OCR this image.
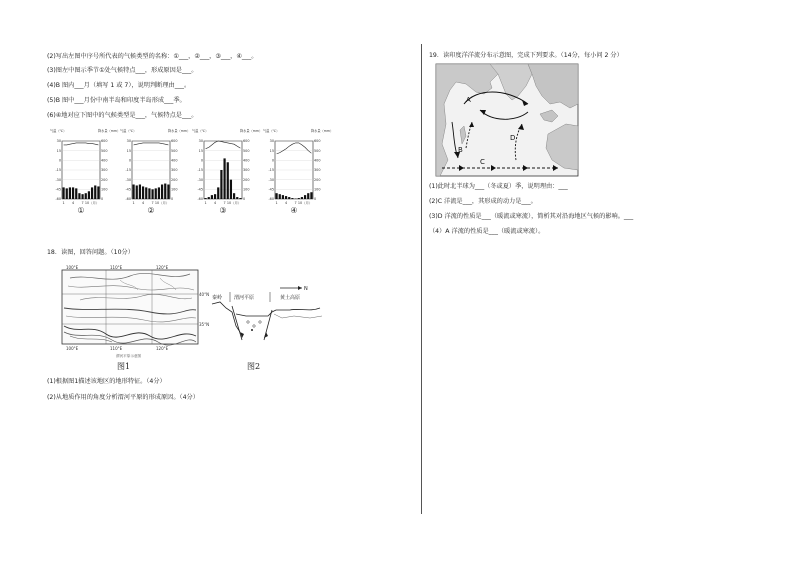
(2)写出左图中序号所代表的气候类型的名称：①___，②___，③___，④___。
(3)图左中图示季节①处气候特点___，形成原因是___。
(4)B 图内___月（填写 1 或 7），说明判断理由___。
(5)B 图中___月份中南半岛和印度半岛形成___季。
(6)④地对应下图中的气候类型是___，气候特点是___。
气温（℃）	降水量（mm）
30	600
15	500
0	400
-15	300
-30	200
-45	100
-60	0
1 4 7 10（月）
①
气温（℃）	降水量（mm）
30	600
15	500
0	400
-15	300
-30	200
-45	100
-60	0
1 4 7 10（月）
②
气温（℃）	降水量（mm）
30	600
15	500
0	400
-15	300
-30	200
-45	100
-60	0
1 4 7 10（月）
③
气温（℃）	降水量（mm）
30	600
15	500
0	400
-15	300
-30	200
-45	100
-60	0
1 4 7 10（月）
④
18．读图，回答问题。（10分）
100°E	110°E	120°E
100°E	110°E	120°E
40°N
35°N
渭河平原示意图
图1
N
秦岭 渭河平原	黄土高原
图2
(1)根据图1描述该地区的地形特征。（4分）
(2)从地质作用的角度分析渭河平原的形成原因。（4分）
19．读印度洋洋流分布示意图，完成下列要求。（14分，每小问 2 分）
A
B
C
D
(1)此时北半球为___（冬或夏）季，说明理由：___
(2)C 洋流是___，其形成的动力是___。
(3)D 洋流的性质是___（暖流或寒流），简析其对沿海地区气候的影响。___
（4）A 洋流的性质是___（暖流或寒流）。
